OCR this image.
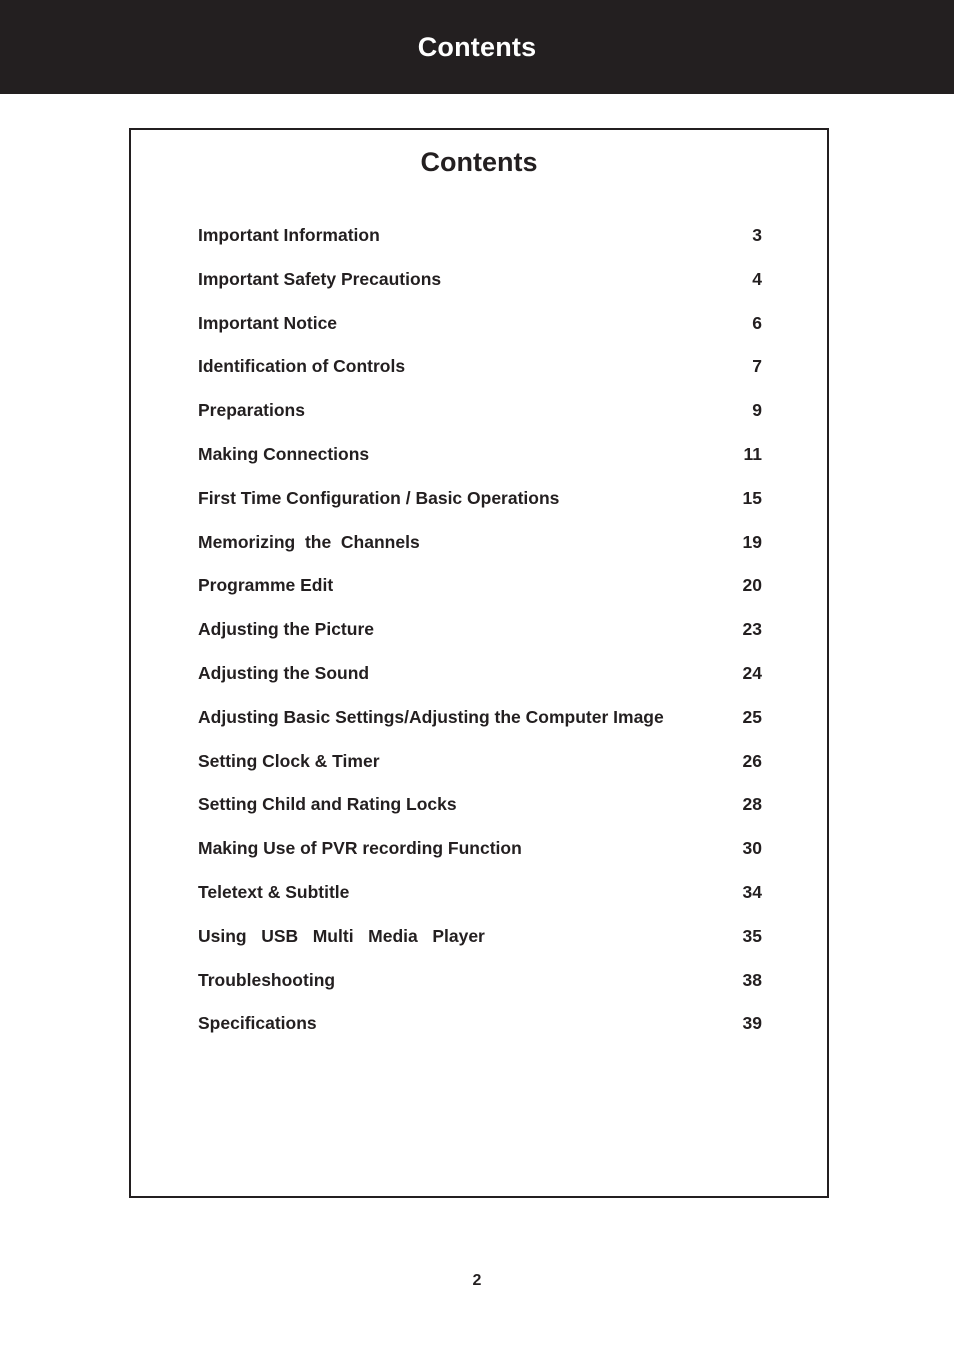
Contents
Contents
Important Information	3
Important Safety Precautions	4
Important Notice	6
Identification of Controls	7
Preparations	9
Making Connections	11
First Time Configuration / Basic Operations	15
Memorizing  the  Channels	19
Programme Edit	20
Adjusting the Picture	23
Adjusting the Sound	24
Adjusting Basic Settings/Adjusting the Computer Image	25
Setting Clock & Timer	26
Setting Child and Rating Locks	28
Making Use of PVR recording Function	30
Teletext & Subtitle	34
Using   USB   Multi   Media   Player	35
Troubleshooting	38
Specifications	39
2
